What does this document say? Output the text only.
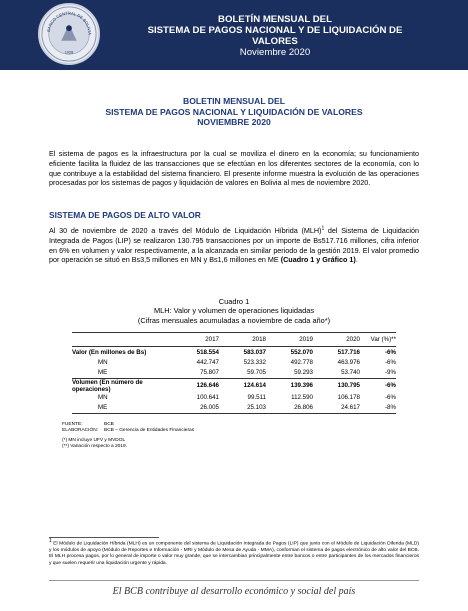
BANCO CENTRAL DE BOLIVIA
1928
BOLETÍN MENSUAL DEL
SISTEMA DE PAGOS NACIONAL Y DE LIQUIDACIÓN DE
VALORES
Noviembre 2020
BOLETIN MENSUAL DEL
SISTEMA DE PAGOS NACIONAL Y LIQUIDACIÓN DE VALORES
NOVIEMBRE 2020

El sistema de pagos es la infraestructura por la cual se moviliza el dinero en la economía; su funcionamiento eficiente facilita la fluidez de las transacciones que se efectúan en los diferentes sectores de la economía, con lo que contribuye a la estabilidad del sistema financiero. El presente informe muestra la evolución de las operaciones procesadas por los sistemas de pagos y liquidación de valores en Bolivia al mes de noviembre 2020.

SISTEMA DE PAGOS DE ALTO VALOR

Al 30 de noviembre de 2020 a través del Módulo de Liquidación Híbrida (MLH)$^1$ del Sistema de Liquidación Integrada de Pagos (LIP) se realizaron 130.795 transacciones por un importe de Bs517.716 millones, cifra inferior en 6% en volumen y valor respectivamente, a la alcanzada en similar periodo de la gestión 2019. El valor promedio por operación se situó en Bs3,5 millones en MN y Bs1,6 millones en ME (Cuadro 1 y Gráfico 1).

Cuadro 1
MLH: Valor y volumen de operaciones liquidadas
(Cifras mensuales acumuladas a noviembre de cada año*)
	2017	2018	2019	2020	Var (%)**
Valor (En millones de Bs)	518.554	583.037	552.070	517.716	-6%
MN	442.747	523.332	492.778	463.976	-6%
ME	75.807	59.705	59.293	53.740	-9%
Volumen (En número de operaciones)	126.646	124.614	139.396	130.795	-6%
MN	100.641	99.511	112.590	106.178	-6%
ME	26.005	25.103	26.806	24.617	-8%
FUENTE:	BCB
ELABORACIÓN: BCB – Gerencia de Entidades Financieras
(*) MN incluye UFV y MVDOL
(**) Variación respecto a 2019.

$^1$ El Módulo de Liquidación Híbrida (MLH) es un componente del sistema de Liquidación Integrada de Pagos (LIP) que junto con el Módulo de Liquidación Diferida (MLD) y los módulos de apoyo (Módulo de Reportes e Información - MRI y Módulo de Mesa de Ayuda - MMA), conforman el sistema de pagos electrónico de alto valor del BCB. El MLH procesa pagos, por lo general de importe o valor muy grande, que se intercambian principalmente entre bancos o entre participantes de los mercados financieros y que suelen requerir una liquidación urgente y rápida.

El BCB contribuye al desarrollo económico y social del país
